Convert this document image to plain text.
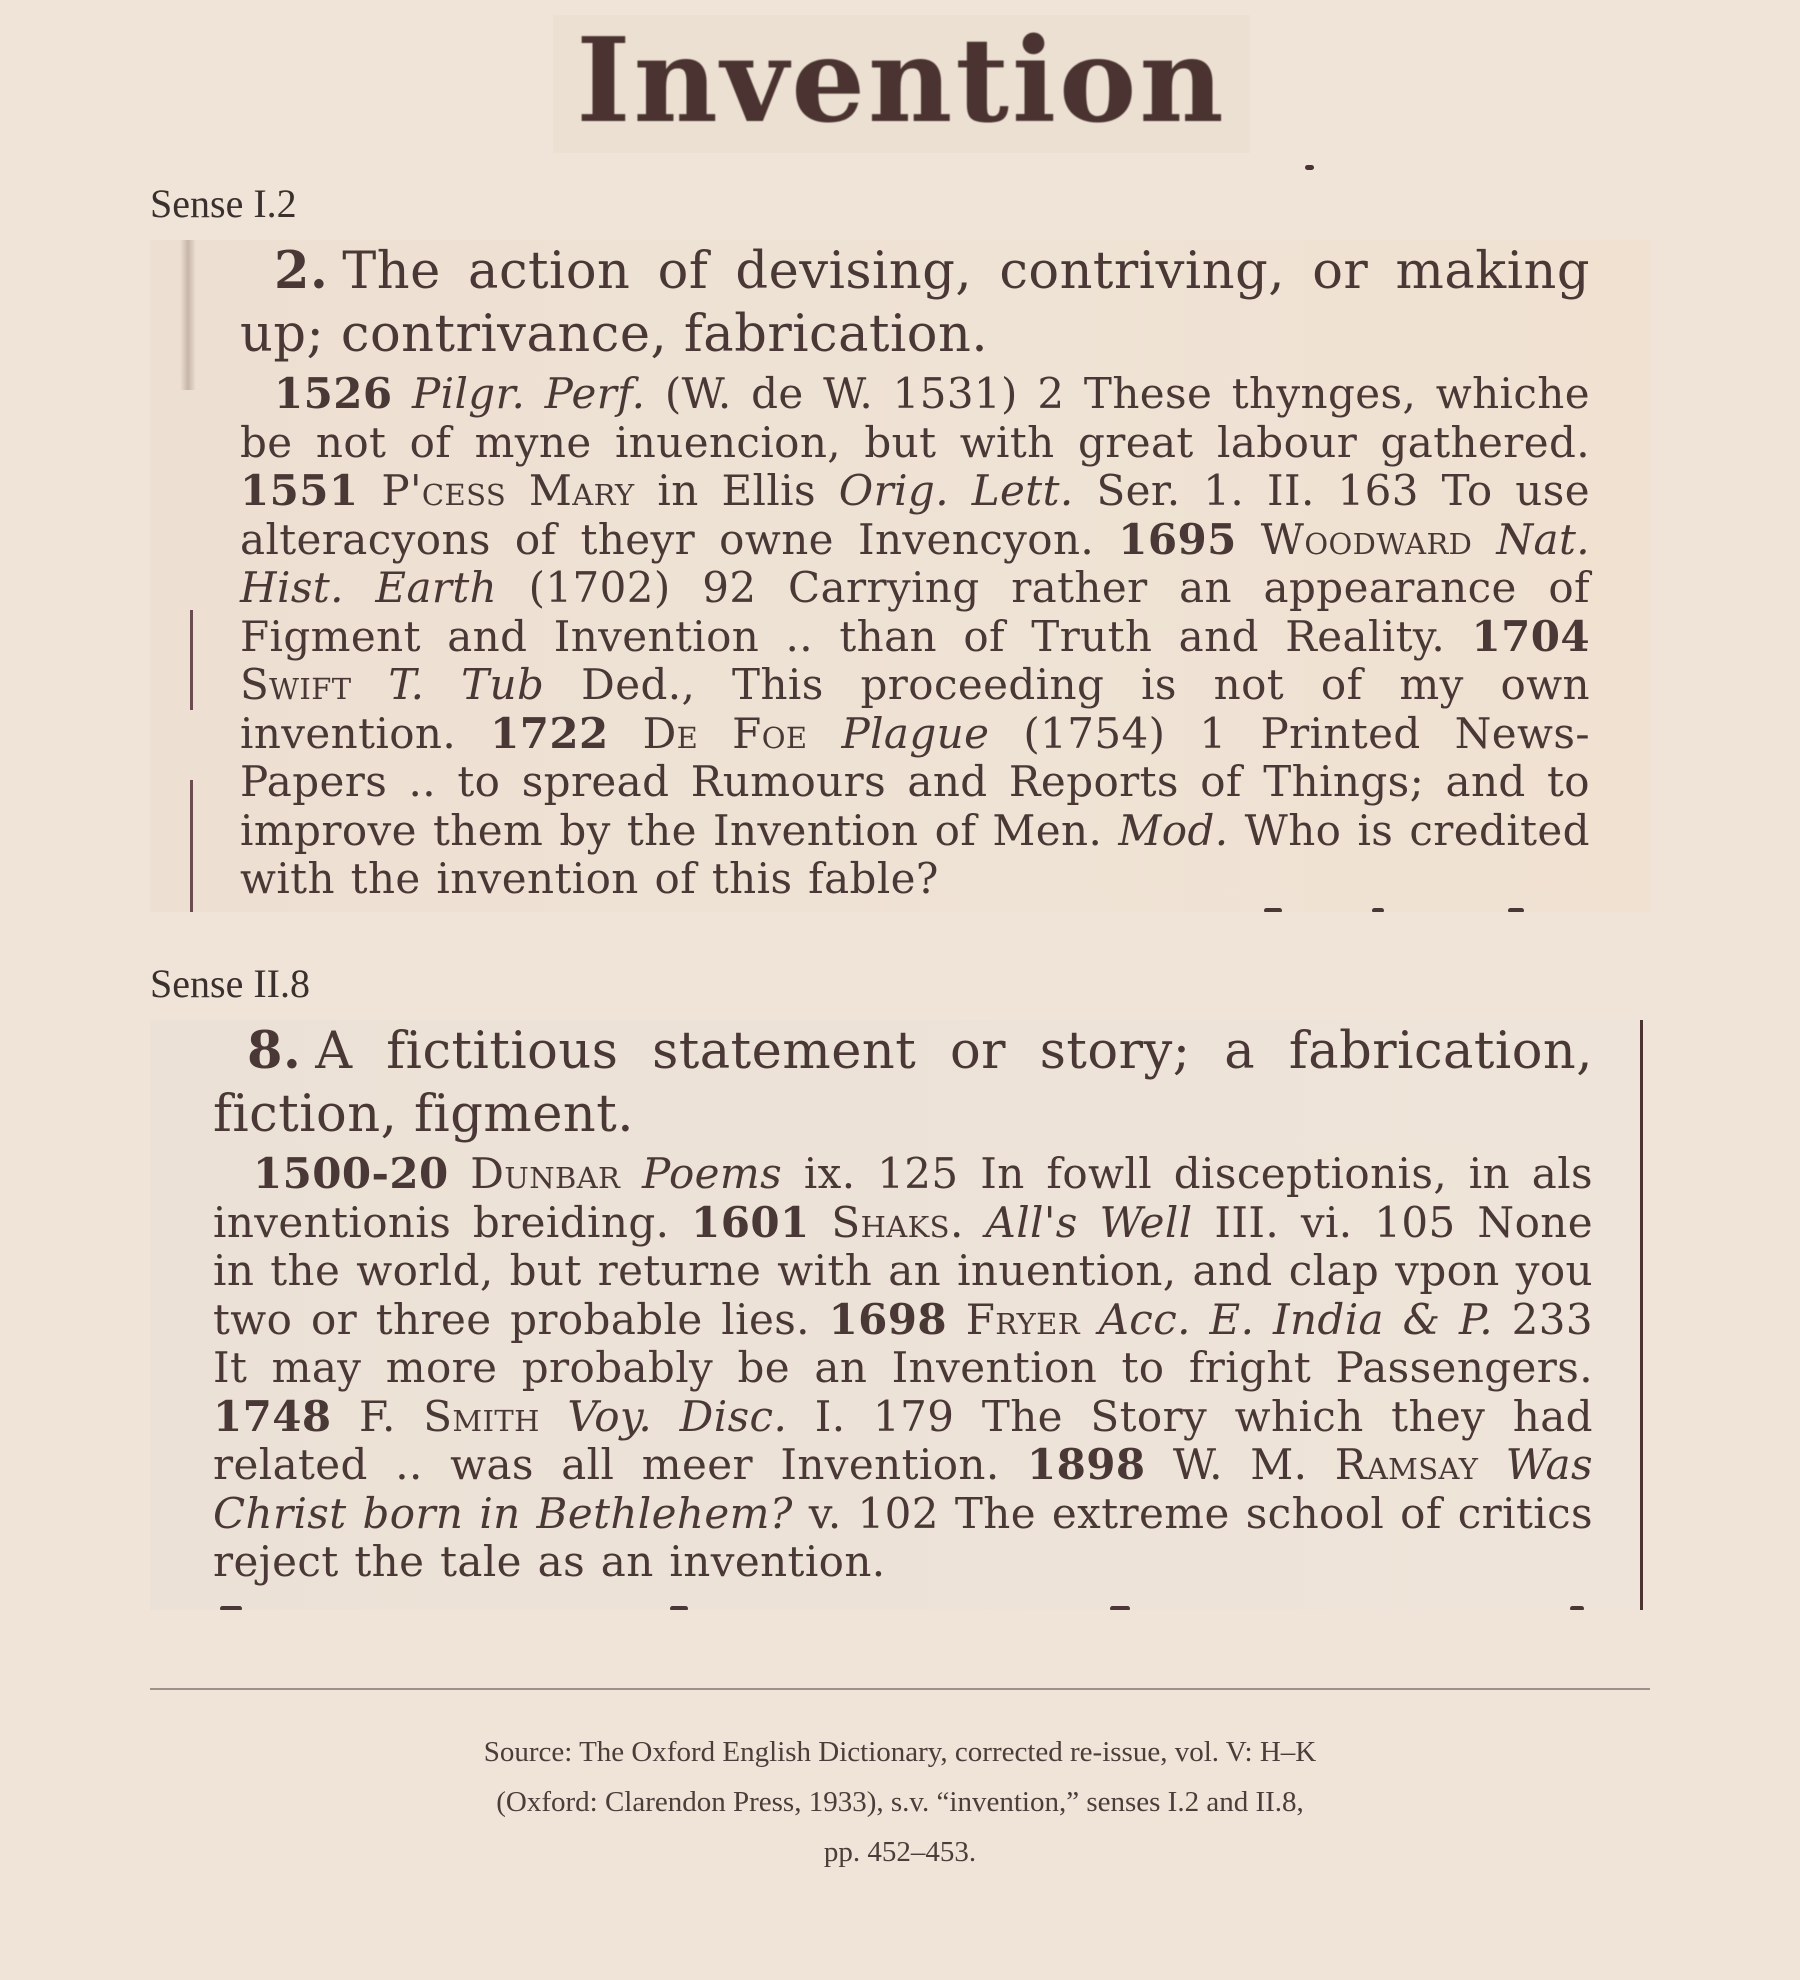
Invention
Sense I.2

2. The action of devising, contriving, or making up; contrivance, fabrication.

1526 Pilgr. Perf. (W. de W. 1531) 2 These thynges, whiche be not of myne inuencion, but with great labour gathered. 1551 P'cess Mary in Ellis Orig. Lett. Ser. 1. II. 163 To use alteracyons of theyr owne Invencyon. 1695 Woodward Nat. Hist. Earth (1702) 92 Carrying rather an appearance of Figment and Invention .. than of Truth and Reality. 1704 Swift T. Tub Ded., This proceeding is not of my own invention. 1722 De Foe Plague (1754) 1 Printed News-Papers .. to spread Rumours and Reports of Things; and to improve them by the Invention of Men. Mod. Who is credited with the invention of this fable?

Sense II.8

8. A fictitious statement or story; a fabrication, fiction, figment.

1500-20 Dunbar Poems ix. 125 In fowll disceptionis, in als inventionis breiding. 1601 Shaks. All's Well III. vi. 105 None in the world, but returne with an inuention, and clap vpon you two or three probable lies. 1698 Fryer Acc. E. India & P. 233 It may more probably be an Invention to fright Passengers. 1748 F. Smith Voy. Disc. I. 179 The Story which they had related .. was all meer Invention. 1898 W. M. Ramsay Was Christ born in Bethlehem? v. 102 The extreme school of critics reject the tale as an invention.

Source: The Oxford English Dictionary, corrected re-issue, vol. V: H–K
(Oxford: Clarendon Press, 1933), s.v. “invention,” senses I.2 and II.8,
pp. 452–453.
